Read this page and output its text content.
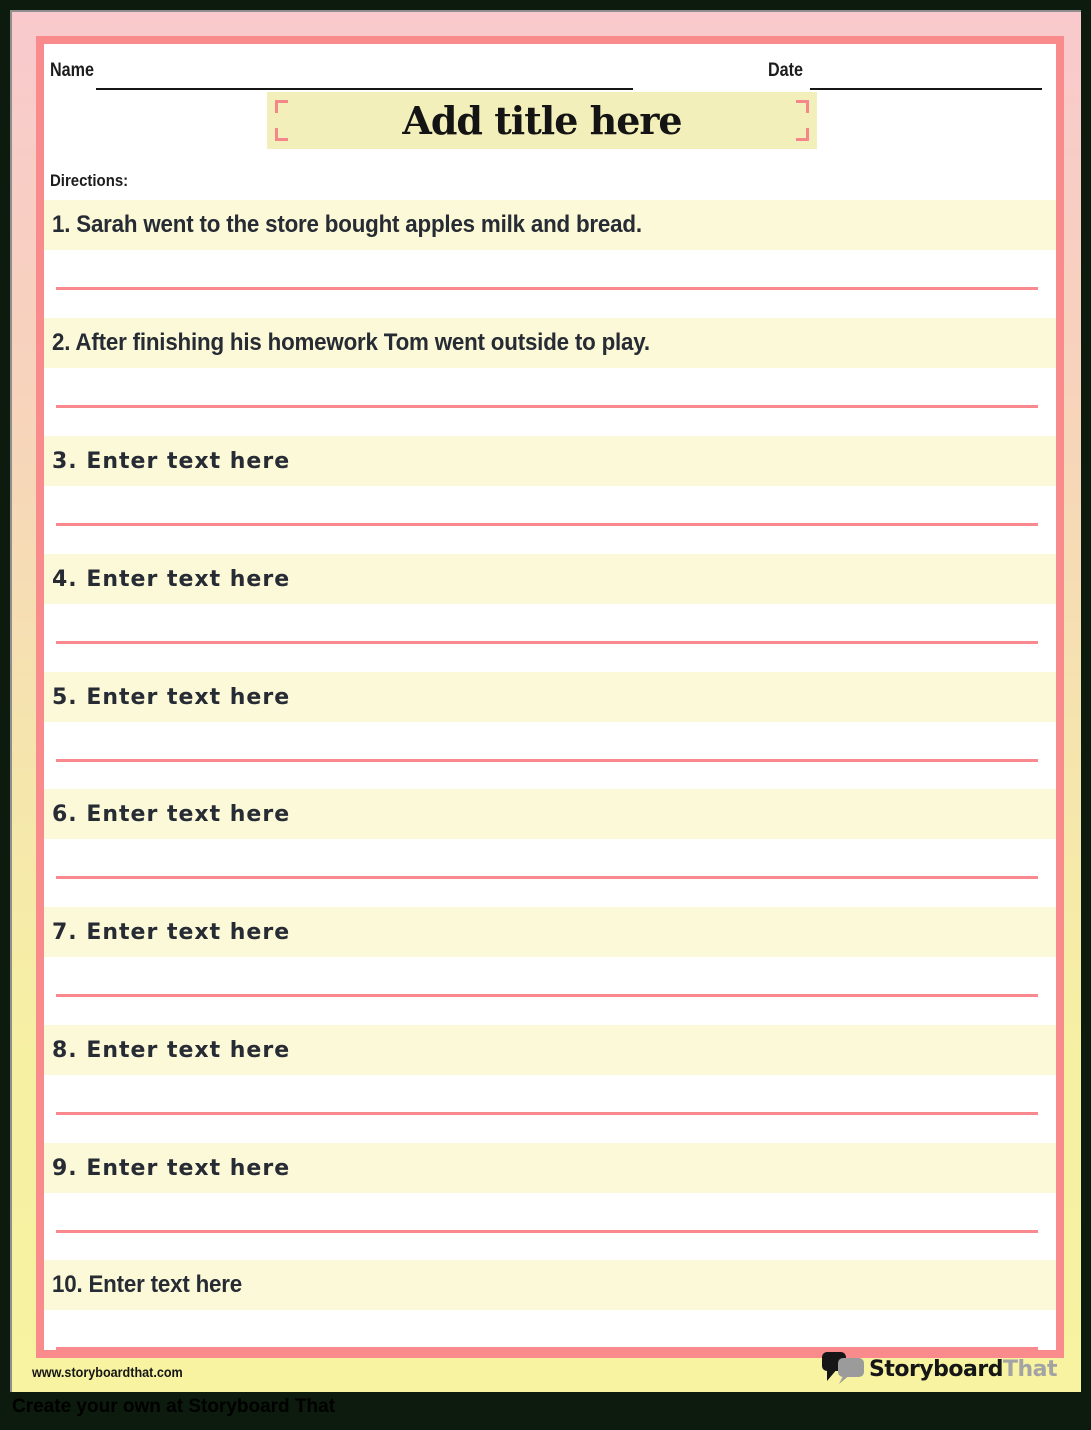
Name	Date
Add title here
Directions:
1. Sarah went to the store bought apples milk and bread.
2. After finishing his homework Tom went outside to play.
3. Enter text here
4. Enter text here
5. Enter text here
6. Enter text here
7. Enter text here
8. Enter text here
9. Enter text here
10. Enter text here
www.storyboardthat.com	StoryboardThat
Create your own at Storyboard That
